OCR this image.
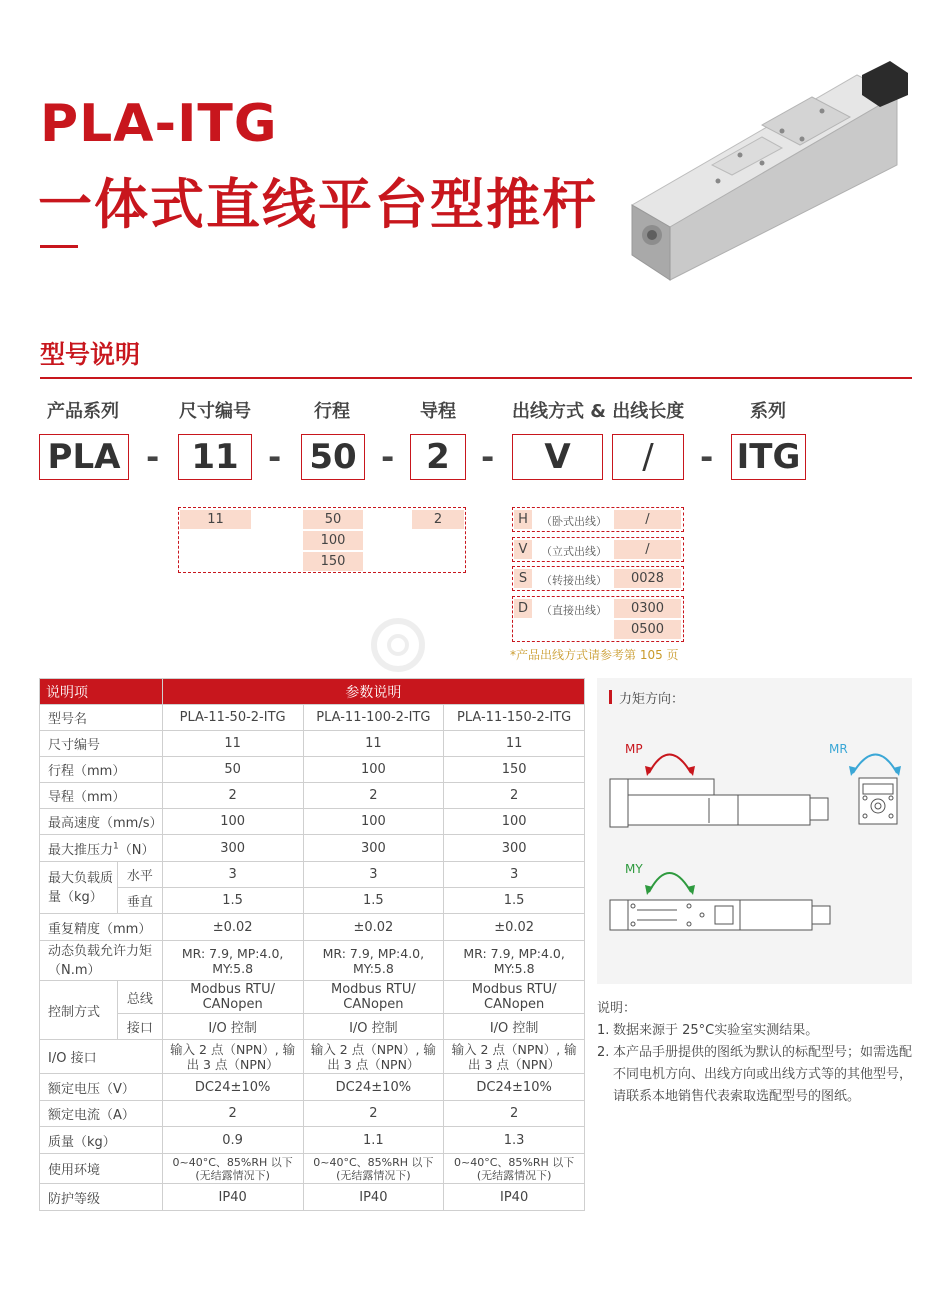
PLA-ITG
一体式直线平台型推杆
型号说明
产品系列	尺寸编号	行程	导程	出线方式 & 出线长度	系列
PLA - 11 - 50 - 2 -	V	/	- ITG
11	50
100
150
2	H	（卧式出线）	/
V	（立式出线）	/
S	（转接出线）	0028
D	（直接出线）	0300
0500
*产品出线方式请参考第 105 页
说明项		参数说明		
型号名		PLA-11-50-2-ITG	PLA-11-100-2-ITG	PLA-11-150-2-ITG
尺寸编号		11	11	11
行程（mm）		50	100	150
导程（mm）		2	2	2
最高速度（mm/s）		100	100	100
最大推压力$^1$（N）		300	300	300
最大负载质量（kg）	水平	3	3	3
	垂直	1.5	1.5	1.5
重复精度（mm）		±0.02	±0.02	±0.02
动态负载允许力矩（N.m）		MR: 7.9, MP:4.0, MY:5.8	MR: 7.9, MP:4.0, MY:5.8	MR: 7.9, MP:4.0, MY:5.8
控制方式	总线	Modbus RTU/ CANopen	Modbus RTU/ CANopen	Modbus RTU/ CANopen
	接口	I/O 控制	I/O 控制	I/O 控制
I/O 接口		输入 2 点（NPN）, 输出 3 点（NPN）	输入 2 点（NPN）, 输出 3 点（NPN）	输入 2 点（NPN）, 输出 3 点（NPN）
额定电压（V）		DC24±10%	DC24±10%	DC24±10%
额定电流（A）		2	2	2
质量（kg）		0.9	1.1	1.3
使用环境		0~40°C、85%RH 以下 (无结露情况下)	0~40°C、85%RH 以下 (无结露情况下)	0~40°C、85%RH 以下 (无结露情况下)
防护等级		IP40	IP40	IP40
力矩方向：
MP	MR
MY
说明：
1. 数据来源于 25°C实验室实测结果。
2. 本产品手册提供的图纸为默认的标配型号；如需选配不同电机方向、出线方向或出线方式等的其他型号，请联系本地销售代表索取选配型号的图纸。
